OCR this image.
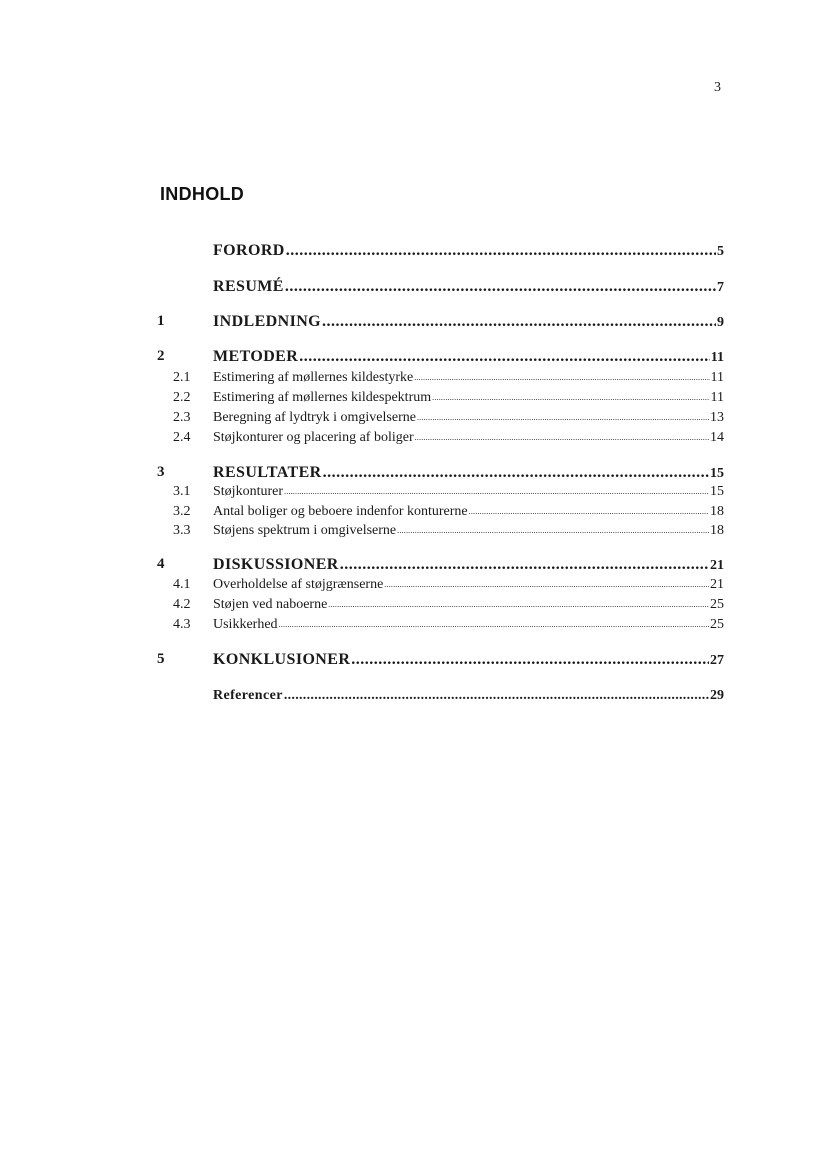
3
INDHOLD
FORORD .....	5
RESUMÉ .....	7
1	INDLEDNING .....	9
2	METODER .....	11
2.1 Estimering af møllernes kildestyrke .....	11
2.2 Estimering af møllernes kildespektrum .....	11
2.3 Beregning af lydtryk i omgivelserne .....	13
2.4 Støjkonturer og placering af boliger .....	14
3	RESULTATER .....	15
3.1 Støjkonturer .....	15
3.2 Antal boliger og beboere indenfor konturerne .....	18
3.3 Støjens spektrum i omgivelserne .....	18
4	DISKUSSIONER .....	21
4.1 Overholdelse af støjgrænserne .....	21
4.2 Støjen ved naboerne .....	25
4.3 Usikkerhed .....	25
5	KONKLUSIONER .....	27
Referencer .....	29
